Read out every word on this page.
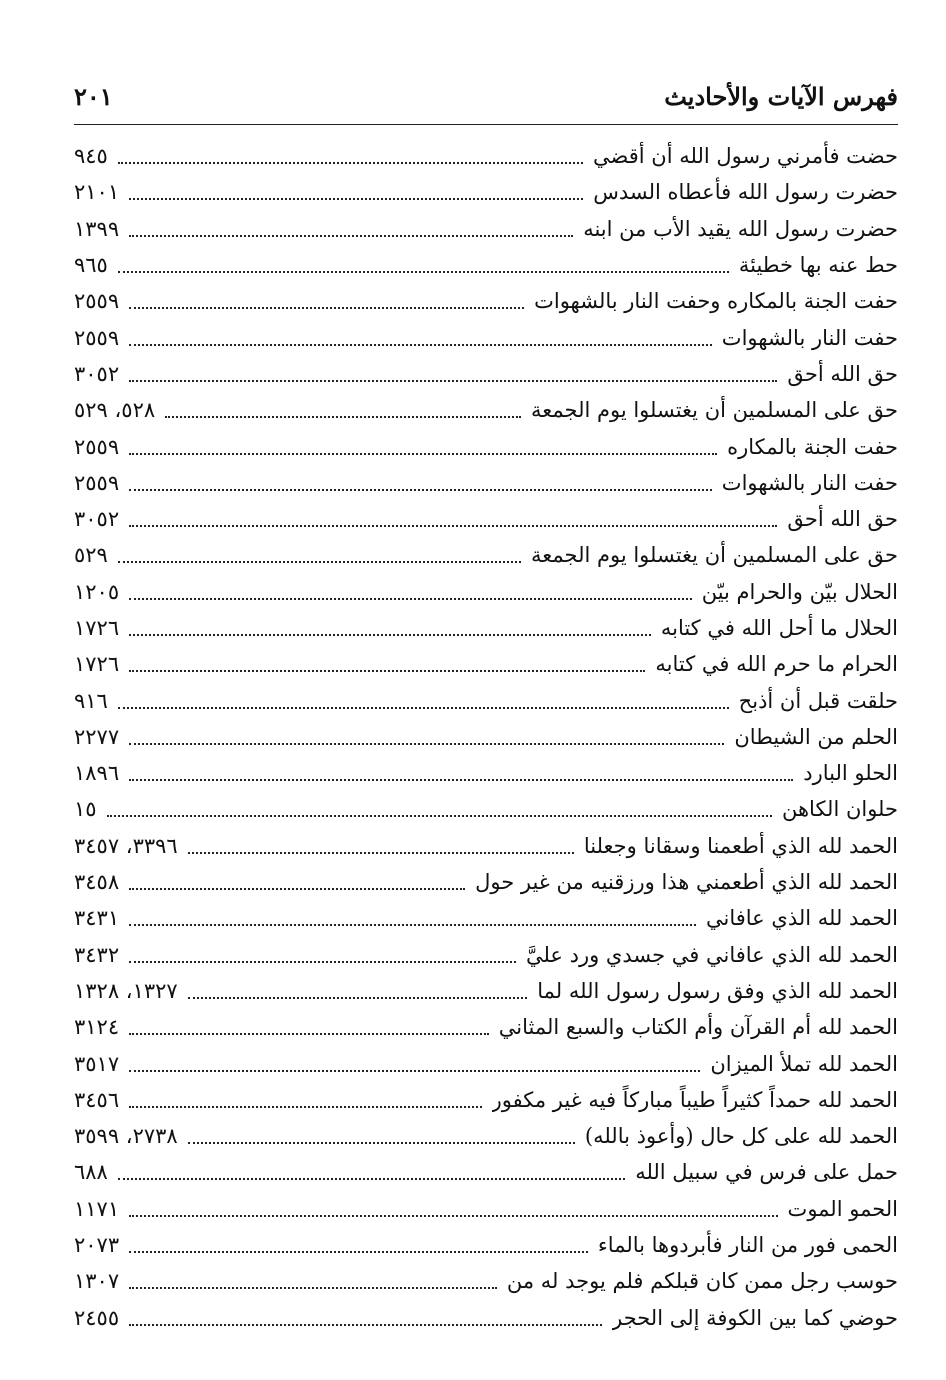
فهرس الآيات والأحاديث
٢٠١
حضت فأمرني رسول الله أن أقضي
٩٤٥
حضرت رسول الله فأعطاه السدس
٢١٠١
حضرت رسول الله يقيد الأب من ابنه
١٣٩٩
حط عنه بها خطيئة
٩٦٥
حفت الجنة بالمكاره وحفت النار بالشهوات
٢٥٥٩
حفت النار بالشهوات
٢٥٥٩
حق الله أحق
٣٠٥٢
حق على المسلمين أن يغتسلوا يوم الجمعة
٥٢٨، ٥٢٩
حفت الجنة بالمكاره
٢٥٥٩
حفت النار بالشهوات
٢٥٥٩
حق الله أحق
٣٠٥٢
حق على المسلمين أن يغتسلوا يوم الجمعة
٥٢٩
الحلال بيّن والحرام بيّن
١٢٠٥
الحلال ما أحل الله في كتابه
١٧٢٦
الحرام ما حرم الله في كتابه
١٧٢٦
حلقت قبل أن أذبح
٩١٦
الحلم من الشيطان
٢٢٧٧
الحلو البارد
١٨٩٦
حلوان الكاهن
١٥
الحمد لله الذي أطعمنا وسقانا وجعلنا
٣٣٩٦، ٣٤٥٧
الحمد لله الذي أطعمني هذا ورزقنيه من غير حول
٣٤٥٨
الحمد لله الذي عافاني
٣٤٣١
الحمد لله الذي عافاني في جسدي ورد عليَّ
٣٤٣٢
الحمد لله الذي وفق رسول رسول الله لما
١٣٢٧، ١٣٢٨
الحمد لله أم القرآن وأم الكتاب والسبع المثاني
٣١٢٤
الحمد لله تملأ الميزان
٣٥١٧
الحمد لله حمداً كثيراً طيباً مباركاً فيه غير مكفور
٣٤٥٦
الحمد لله على كل حال (وأعوذ بالله)
٢٧٣٨، ٣٥٩٩
حمل على فرس في سبيل الله
٦٨٨
الحمو الموت
١١٧١
الحمى فور من النار فأبردوها بالماء
٢٠٧٣
حوسب رجل ممن كان قبلكم فلم يوجد له من
١٣٠٧
حوضي كما بين الكوفة إلى الحجر
٢٤٥٥
